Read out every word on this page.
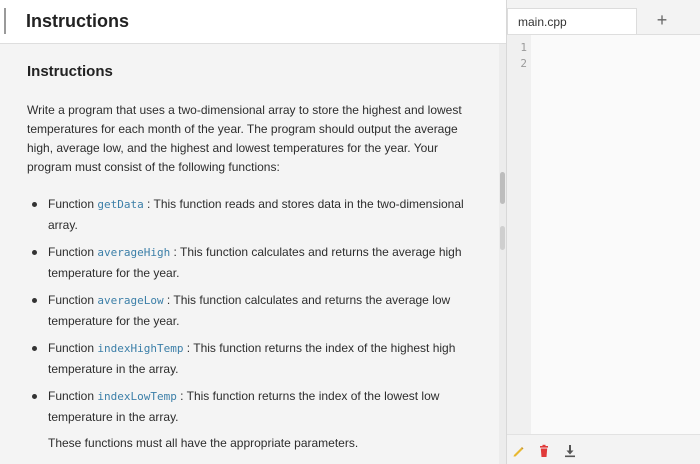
Instructions
Instructions

Write a program that uses a two-dimensional array to store the highest and lowest temperatures for each month of the year. The program should output the average high, average low, and the highest and lowest temperatures for the year. Your program must consist of the following functions:

Function getData : This function reads and stores data in the two-dimensional array.
Function averageHigh : This function calculates and returns the average high temperature for the year.
Function averageLow : This function calculates and returns the average low temperature for the year.
Function indexHighTemp : This function returns the index of the highest high temperature in the array.
Function indexLowTemp : This function returns the index of the lowest low temperature in the array.
These functions must all have the appropriate parameters.
main.cpp	+
1
2
